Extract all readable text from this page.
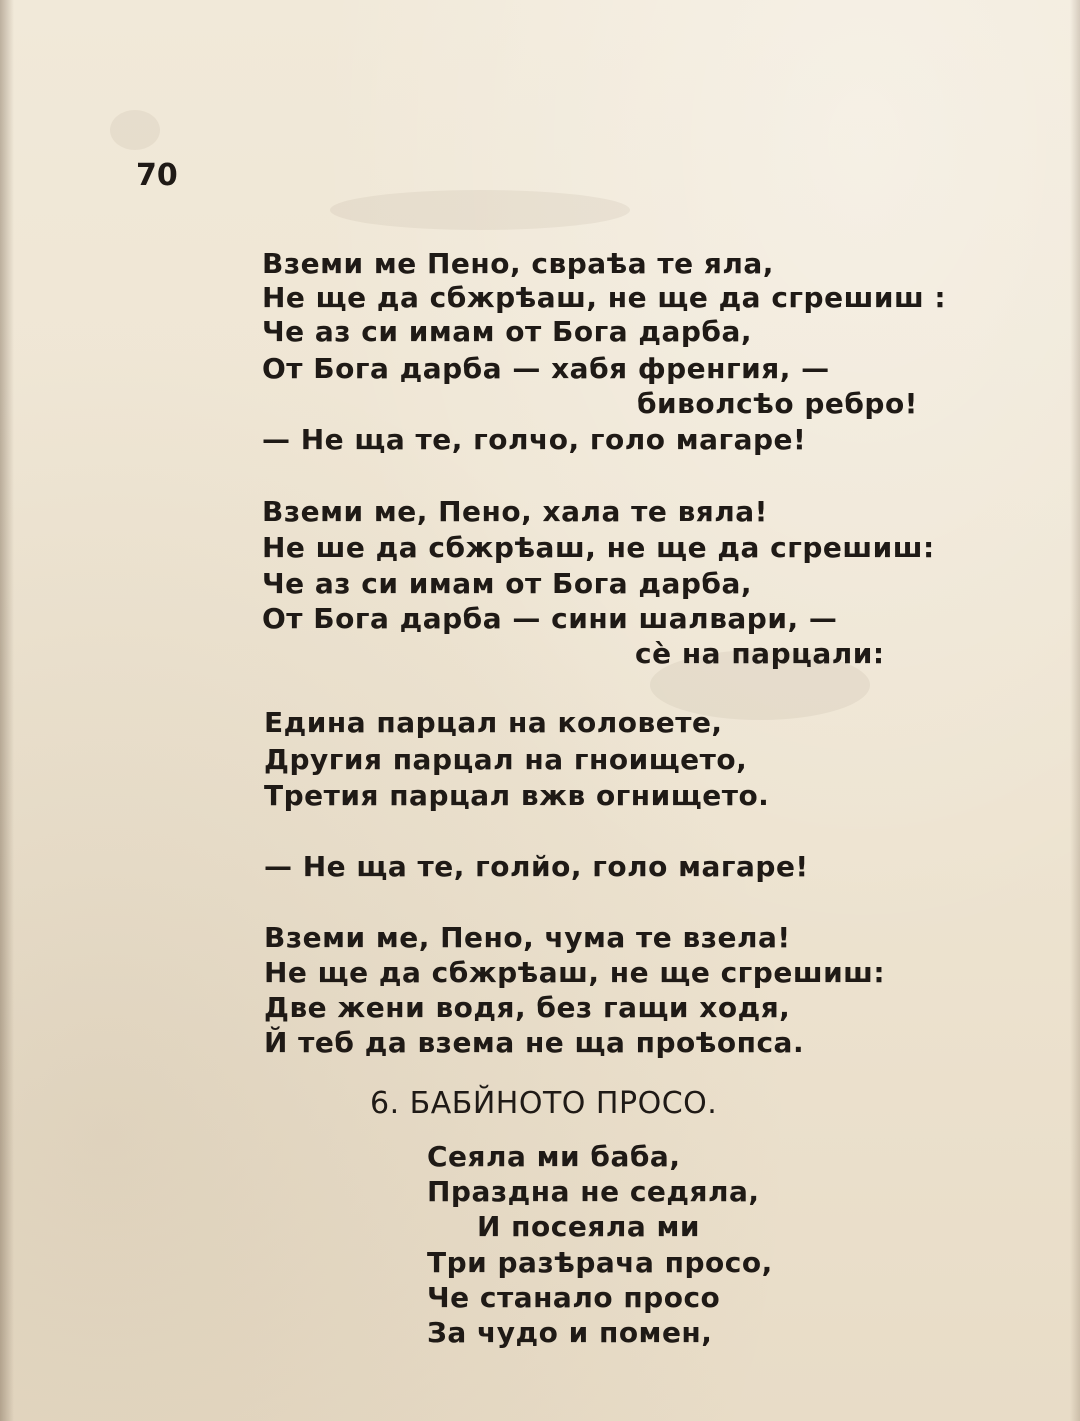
70
Вземи ме Пено, свраѣа те яла,
Не ще да сбжрѣаш, не ще да сгрешиш :
Че аз си имам от Бога дарба,
От Бога дарба — хабя френгия, —
биволсѣо ребро!
— Не ща те, голчо, голо магаре!
Вземи ме, Пено, хала те вяла!
Не ше да сбжрѣаш, не ще да сгрешиш:
Че аз си имам от Бога дарба,
От Бога дарба — сини шалвари, —
сѐ на парцали:
Едина парцал на коловете,
Другия парцал на гноището,
Третия парцал вжв огнището.
— Не ща те, голйо, голо магаре!
Вземи ме, Пено, чума те взела!
Не ще да сбжрѣаш, не ще сгрешиш:
Две жени водя, без гащи ходя,
Й теб да взема не ща проѣопса.
6. БАБЙНОТО ПРОСО.
Сеяла ми баба,
Праздна не седяла,
И посеяла ми
Три разѣрача просо,
Че станало просо
За чудо и помен,
